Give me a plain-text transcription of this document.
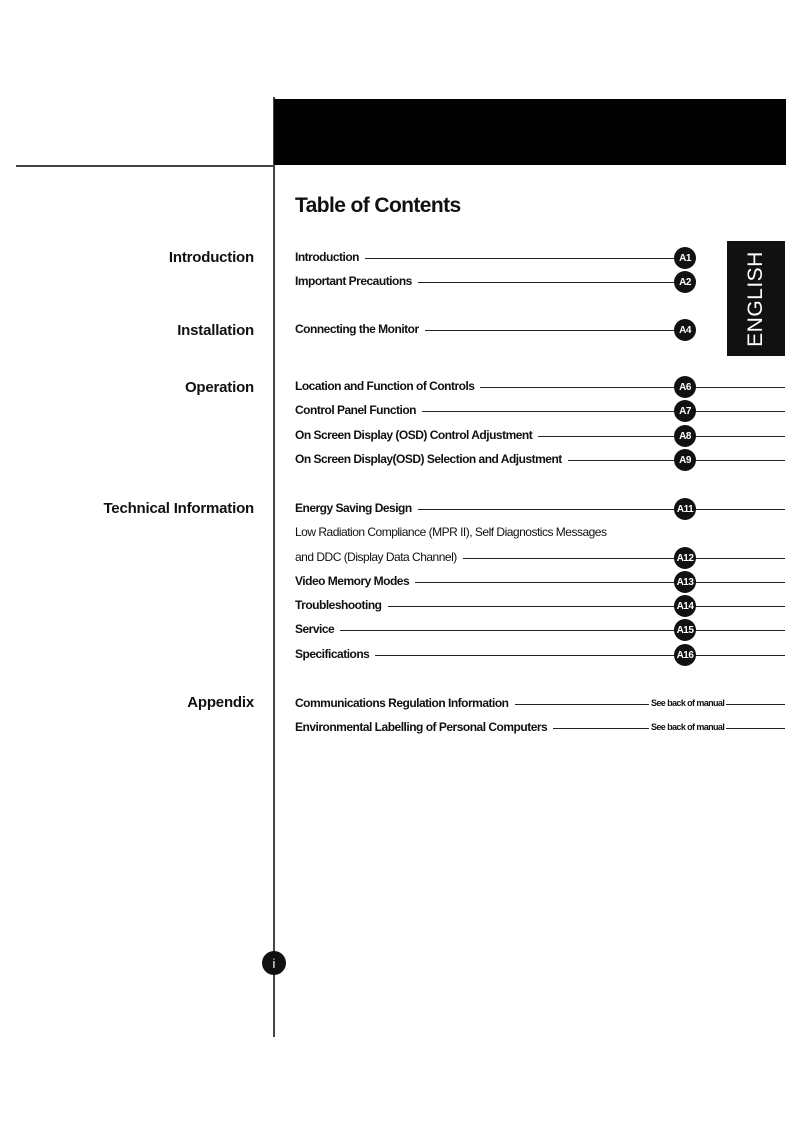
Table of Contents
ENGLISH
Introduction
Installation
Operation
Technical Information
Appendix
Introduction	A1
Important Precautions	A2
Connecting the Monitor	A4
Location and Function of Controls	A6
Control Panel Function	A7
On Screen Display (OSD) Control Adjustment	A8
On Screen Display(OSD) Selection and Adjustment	A9
Energy Saving Design	A11
Low Radiation Compliance (MPR II), Self Diagnostics Messages
and DDC (Display Data Channel)	A12
Video Memory Modes	A13
Troubleshooting	A14
Service	A15
Specifications	A16
Communications Regulation Information	See back of manual
Environmental Labelling of Personal Computers	See back of manual
i
